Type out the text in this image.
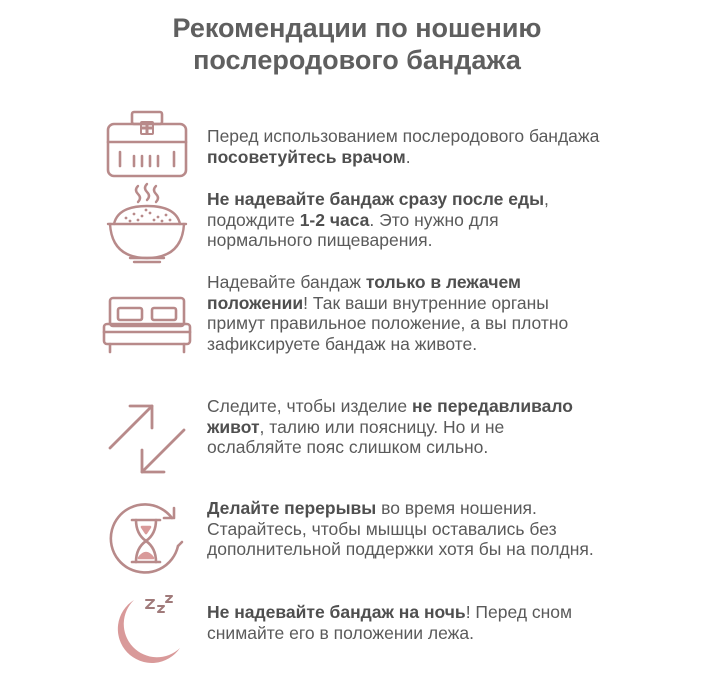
Рекомендации по ношению
послеродового бандажа
Перед использованием послеродового бандажа посоветуйтесь врачом.
Не надевайте бандаж сразу после еды, подождите 1-2 часа. Это нужно для нормального пищеварения.
Надевайте бандаж только в лежачем положении! Так ваши внутренние органы примут правильное положение, а вы плотно зафиксируете бандаж на животе.
Следите, чтобы изделие не передавливало живот, талию или поясницу. Но и не ослабляйте пояс слишком сильно.
Делайте перерывы во время ношения. Старайтесь, чтобы мышцы оставались без дополнительной поддержки хотя бы на полдня.
Не надевайте бандаж на ночь! Перед сном снимайте его в положении лежа.
